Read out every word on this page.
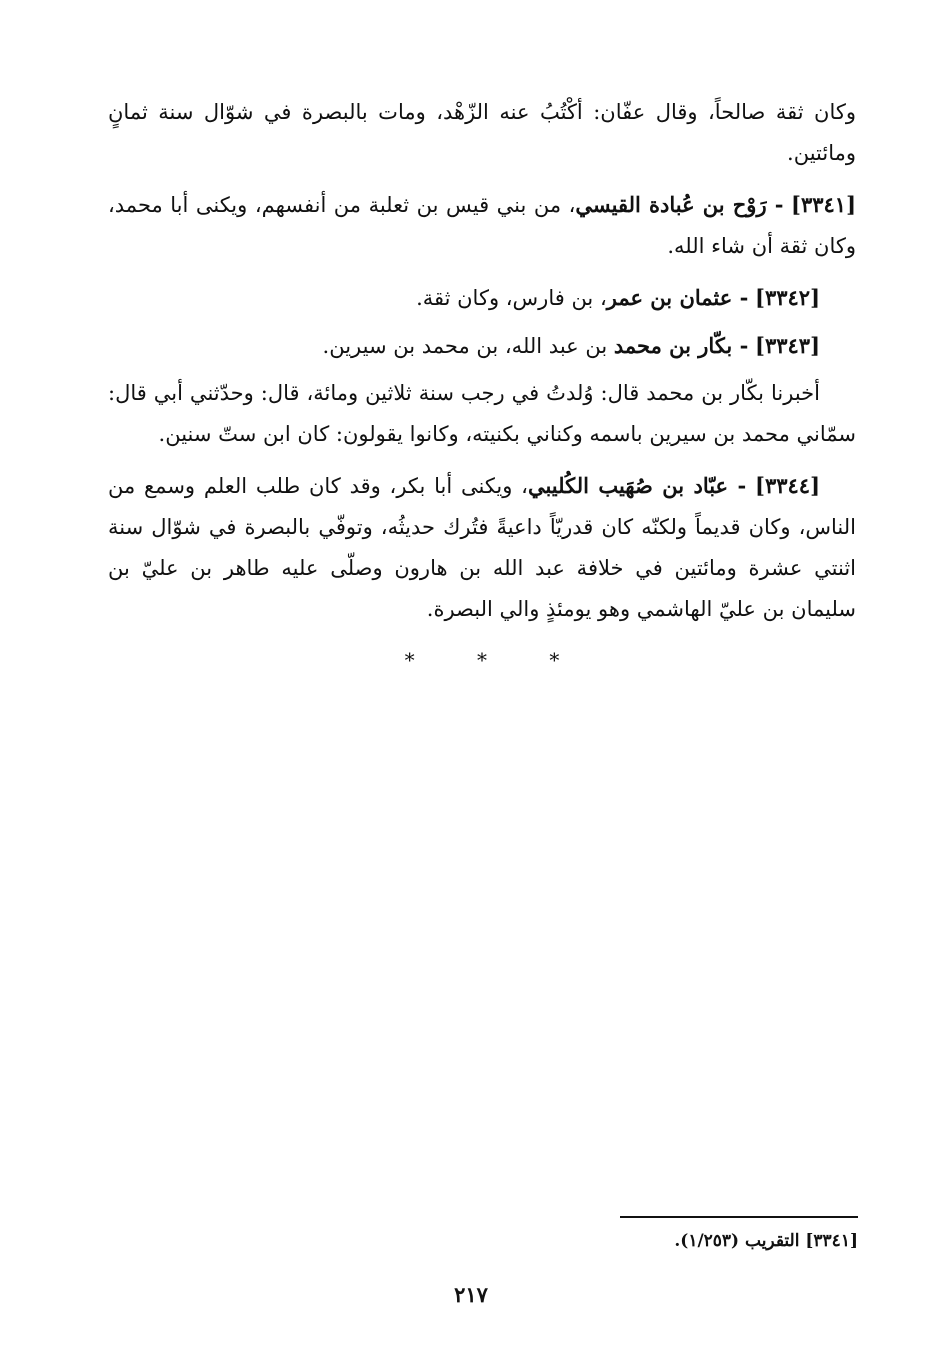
وكان ثقة صالحاً، وقال عفّان: أكْتُبُ عنه الزّهْد، ومات بالبصرة في شوّال سنة ثمانٍ ومائتين.

[٣٣٤١] - رَوْح بن عُبادة القيسي، من بني قيس بن ثعلبة من أنفسهم، ويكنى أبا محمد، وكان ثقة أن شاء الله.

[٣٣٤٢] - عثمان بن عمر، بن فارس، وكان ثقة.

[٣٣٤٣] - بكّار بن محمد بن عبد الله، بن محمد بن سيرين.

أخبرنا بكّار بن محمد قال: وُلدتُ في رجب سنة ثلاثين ومائة، قال: وحدّثني أبي قال: سمّاني محمد بن سيرين باسمه وكناني بكنيته، وكانوا يقولون: كان ابن ستّ سنين.

[٣٣٤٤] - عبّاد بن صُهَيب الكُليبي، ويكنى أبا بكر، وقد كان طلب العلم وسمع من الناس، وكان قديماً ولكنّه كان قدريّاً داعيةً فتُرك حديثُه، وتوفّي بالبصرة في شوّال سنة اثنتي عشرة ومائتين في خلافة عبد الله بن هارون وصلّى عليه طاهر بن عليّ بن سليمان بن عليّ الهاشمي وهو يومئذٍ والي البصرة.

*	*	*
[٣٣٤١] التقريب (١/٢٥٣).
٢١٧
